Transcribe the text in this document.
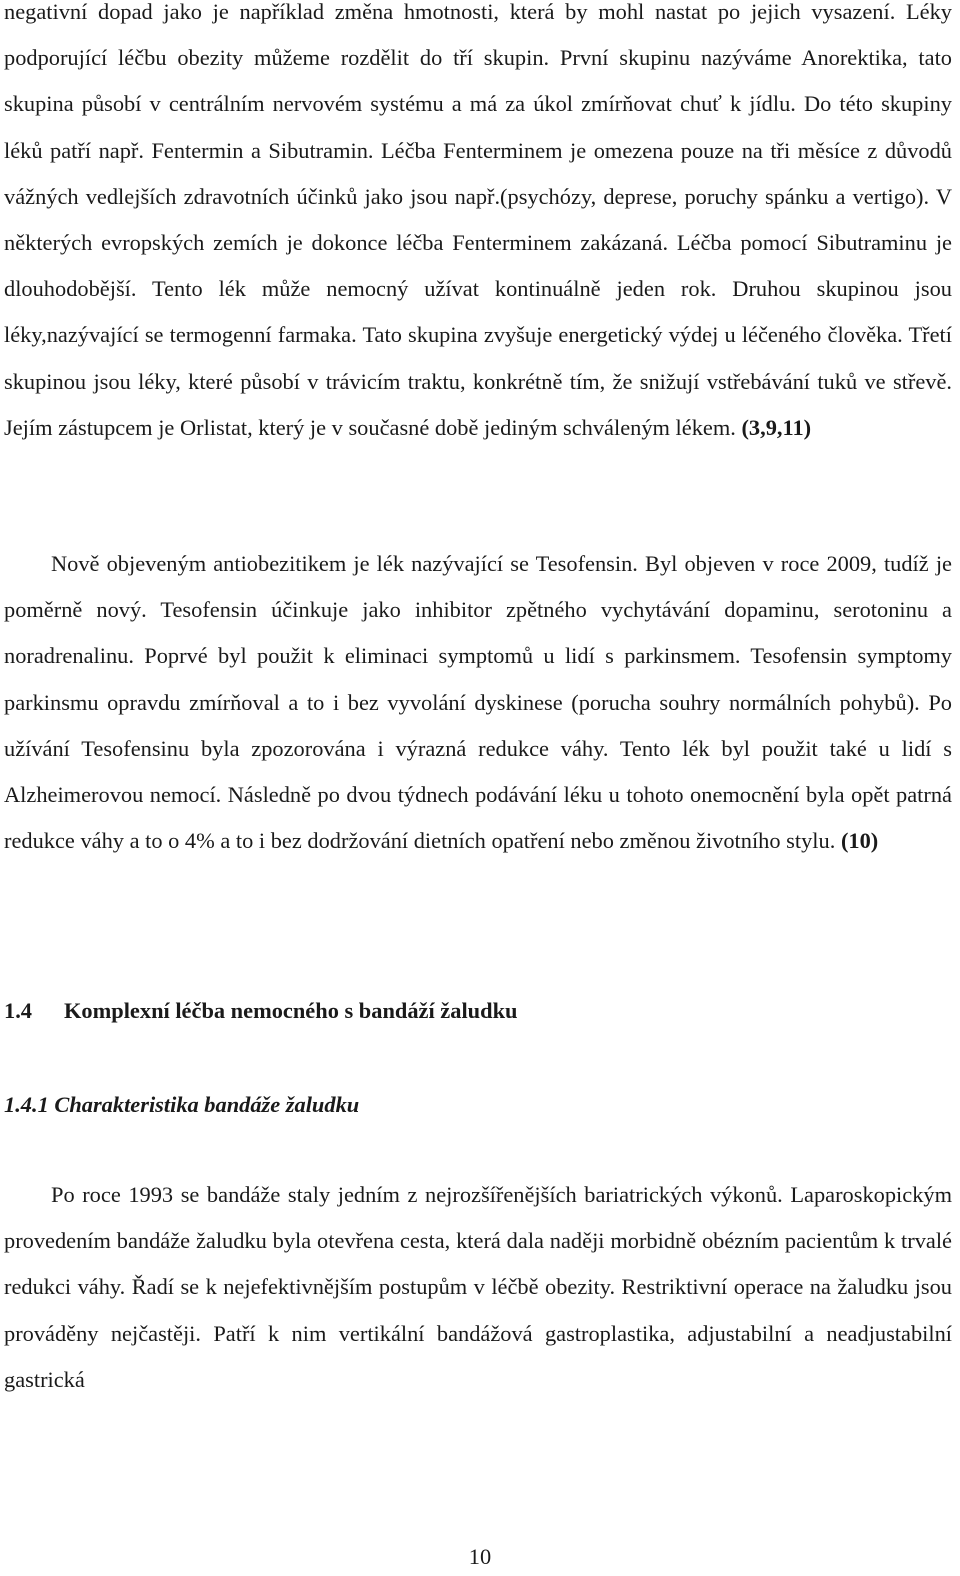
negativní dopad jako je například změna hmotnosti, která by mohl nastat po jejich vysazení. Léky podporující léčbu obezity můžeme rozdělit do tří skupin. První skupinu nazýváme Anorektika, tato skupina působí v centrálním nervovém systému a má za úkol zmírňovat chuť k jídlu. Do této skupiny léků patří např. Fentermin a Sibutramin. Léčba Fenterminem je omezena pouze na tři měsíce z důvodů vážných vedlejších zdravotních účinků jako jsou např.(psychózy, deprese, poruchy spánku a vertigo). V některých evropských zemích je dokonce léčba Fenterminem zakázaná. Léčba pomocí Sibutraminu je dlouhodobější. Tento lék může nemocný užívat kontinuálně jeden rok. Druhou skupinou jsou léky,nazývající se termogenní farmaka. Tato skupina zvyšuje energetický výdej u léčeného člověka. Třetí skupinou jsou léky, které působí v trávicím traktu, konkrétně tím, že snižují vstřebávání tuků ve střevě. Jejím zástupcem je Orlistat, který je v současné době jediným schváleným lékem. (3,9,11)

Nově objeveným antiobezitikem je lék nazývající se Tesofensin. Byl objeven v roce 2009, tudíž je poměrně nový. Tesofensin účinkuje jako inhibitor zpětného vychytávání dopaminu, serotoninu a noradrenalinu. Poprvé byl použit k eliminaci symptomů u lidí s parkinsmem. Tesofensin symptomy parkinsmu opravdu zmírňoval a to i bez vyvolání dyskinese (porucha souhry normálních pohybů). Po užívání Tesofensinu byla zpozorována i výrazná redukce váhy. Tento lék byl použit také u lidí s Alzheimerovou nemocí. Následně po dvou týdnech podávání léku u tohoto onemocnění byla opět patrná redukce váhy a to o 4% a to i bez dodržování dietních opatření nebo změnou životního stylu. (10)

1.4 Komplexní léčba nemocného s bandáží žaludku
1.4.1 Charakteristika bandáže žaludku

Po roce 1993 se bandáže staly jedním z nejrozšířenějších bariatrických výkonů. Laparoskopickým provedením bandáže žaludku byla otevřena cesta, která dala naději morbidně obézním pacientům k trvalé redukci váhy. Řadí se k nejefektivnějším postupům v léčbě obezity. Restriktivní operace na žaludku jsou prováděny nejčastěji. Patří k nim vertikální bandážová gastroplastika, adjustabilní a neadjustabilní gastrická

10
